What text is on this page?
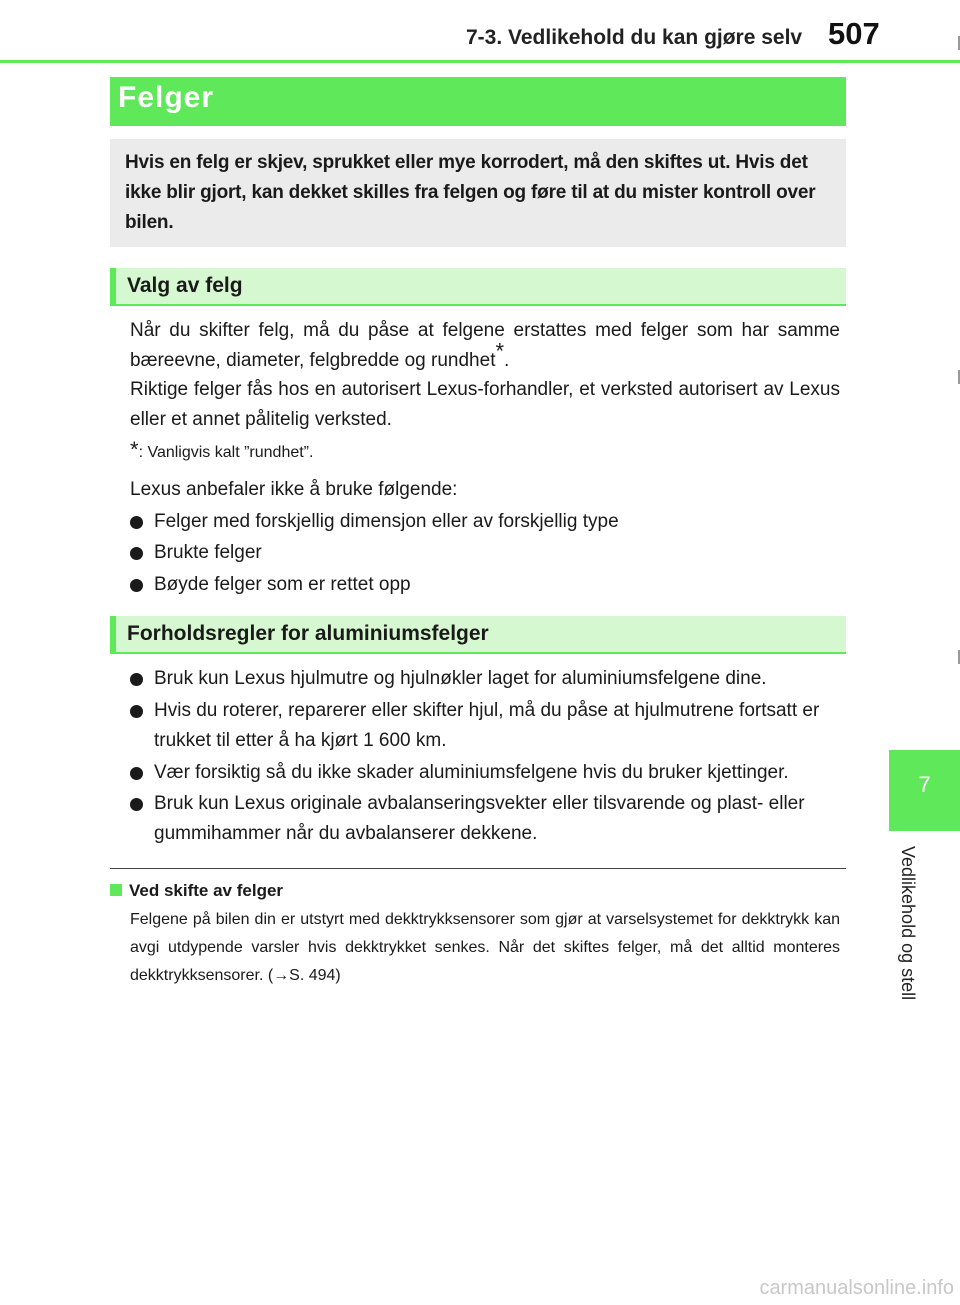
7-3. Vedlikehold du kan gjøre selv 507
Felger

Hvis en felg er skjev, sprukket eller mye korrodert, må den skiftes ut. Hvis det ikke blir gjort, kan dekket skilles fra felgen og føre til at du mister kontroll over bilen.

Valg av felg

Når du skifter felg, må du påse at felgene erstattes med felger som har samme bæreevne, diameter, felgbredde og rundhet*.

Riktige felger fås hos en autorisert Lexus-forhandler, et verksted autorisert av Lexus eller et annet pålitelig verksted.

*: Vanligvis kalt ”rundhet”.

Lexus anbefaler ikke å bruke følgende:

Felger med forskjellig dimensjon eller av forskjellig type
Brukte felger
Bøyde felger som er rettet opp
Forholdsregler for aluminiumsfelger
Bruk kun Lexus hjulmutre og hjulnøkler laget for aluminiumsfelgene dine.
Hvis du roterer, reparerer eller skifter hjul, må du påse at hjulmutrene fortsatt er trukket til etter å ha kjørt 1 600 km.
Vær forsiktig så du ikke skader aluminiumsfelgene hvis du bruker kjettinger.
Bruk kun Lexus originale avbalanseringsvekter eller tilsvarende og plast- eller gummihammer når du avbalanserer dekkene.
Ved skifte av felger

Felgene på bilen din er utstyrt med dekktrykksensorer som gjør at varselsystemet for dekktrykk kan avgi utdypende varsler hvis dekktrykket senkes. Når det skiftes felger, må det alltid monteres dekktrykksensorer. (→S. 494)

7
Vedlikehold og stell
carmanualsonline.info
